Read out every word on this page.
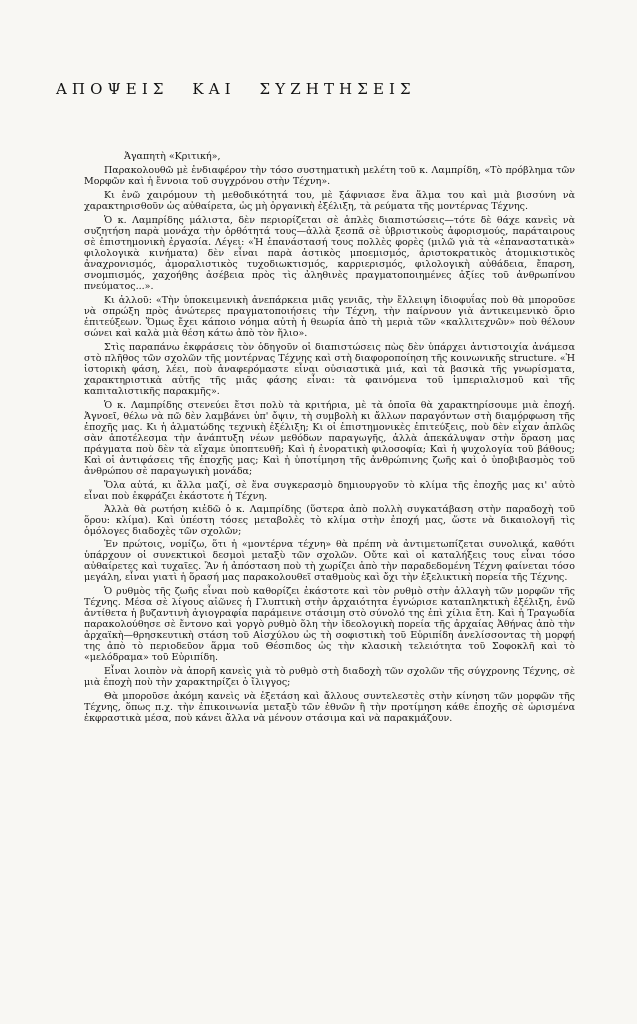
ΑΠΟΨΕΙΣ ΚΑΙ ΣΥΖΗΤΗΣΕΙΣ

Ἀγαπητὴ «Κριτική»,

Παρακολουθῶ μὲ ἐνδιαφέρον τὴν τόσο συστηματικὴ μελέτη τοῦ κ. Λαμπρίδη, «Τὸ πρόβλημα τῶν Μορφῶν καὶ ἡ ἔννοια τοῦ συγχρόνου στὴν Τέχνη».

Κι ἐνῶ χαιρόμουν τὴ μεθοδικότητά του, μὲ ξάφνιασε ἕνα ἅλμα του καὶ μιὰ βισσύνη νὰ χαρακτηρισθοῦν ὡς αὐθαίρετα, ὡς μὴ ὀργανικὴ ἐξέλιξη, τὰ ρεύματα τῆς μοντέρνας Τέχνης.

Ὁ κ. Λαμπρίδης μάλιστα, δὲν περιορίζεται σὲ ἁπλὲς διαπιστώσεις—τότε δὲ θάχε κανεὶς νὰ συζητήση παρὰ μονάχα τὴν ὀρθότητά τους—ἀλλὰ ξεσπᾶ σὲ ὑβριστικοὺς ἀφορισμούς, παράταιρους σὲ ἐπιστημονικὴ ἐργασία. Λέγει: «Ἡ ἐπανάστασή τους πολλὲς φορὲς (μιλῶ γιὰ τὰ «ἐπαναστατικὰ» φιλολογικὰ κινήματα) δὲν εἶναι παρὰ ἀστικὸς μποεμισμός, ἀριστοκρατικὸς ἀτομικιστικὸς ἀναχρονισμός, ἀμοραλιστικὸς τυχοδιωκτισμός, καρριερισμός, φιλολογικὴ αὐθάδεια, ἔπαρση, σνομπισμός, χαχοήθης ἀσέβεια πρὸς τὶς ἀληθινὲς πραγματοποιημένες ἀξίες τοῦ ἀνθρωπίνου πνεύματος...».

Κι ἀλλοῦ: «Τὴν ὑποκειμενικὴ ἀνεπάρκεια μιᾶς γενιᾶς, τὴν ἔλλειψη ἰδιοφυΐας ποὺ θὰ μποροῦσε νὰ σπρώξη πρὸς ἀνώτερες πραγματοποιήσεις τὴν Τέχνη, τὴν παίρνουν γιὰ ἀντικειμενικὸ ὅριο ἐπιτεύξεων. Ὅμως ἔχει κάποιο νόημα αὐτὴ ἡ θεωρία ἀπὸ τὴ μεριὰ τῶν «καλλιτεχνῶν» ποὺ θέλουν σώνει καὶ καλὰ μιὰ θέση κάτω ἀπὸ τὸν ἥλιο».

Στὶς παραπάνω ἐκφράσεις τὸν ὁδηγοῦν οἱ διαπιστώσεις πὼς δὲν ὑπάρχει ἀντιστοιχία ἀνάμεσα στὸ πλῆθος τῶν σχολῶν τῆς μοντέρνας Τέχνης καὶ στὴ διαφοροποίηση τῆς κοινωνικῆς structure. «Ἡ ἱστορικὴ φάση, λέει, ποὺ ἀναφερόμαστε εἶναι οὐσιαστικὰ μιά, καὶ τὰ βασικὰ τῆς γνωρίσματα, χαρακτηριστικὰ αὐτῆς τῆς μιᾶς φάσης εἶναι: τὰ φαινόμενα τοῦ ἰμπεριαλισμοῦ καὶ τῆς καπιταλιστικῆς παρακμῆς».

Ὁ κ. Λαμπρίδης στενεύει ἔτσι πολὺ τὰ κριτήρια, μὲ τὰ ὁποῖα θὰ χαρακτηρίσουμε μιὰ ἐποχή. Ἀγνοεῖ, θέλω νὰ πῶ δὲν λαμβάνει ὑπ' ὄψιν, τὴ συμβολὴ κι ἄλλων παραγόντων στὴ διαμόρφωση τῆς ἐποχῆς μας. Κι ἡ ἁλματώδης τεχνικὴ ἐξέλιξη; Κι οἱ ἐπιστημονικὲς ἐπιτεύξεις, ποὺ δὲν εἶχαν ἁπλῶς σὰν ἀποτέλεσμα τὴν ἀνάπτυξη νέων μεθόδων παραγωγῆς, ἀλλὰ ἀπεκάλυψαν στὴν ὅραση μας πράγματα ποὺ δὲν τὰ εἴχαμε ὑποπτευθῆ; Καὶ ἡ ἐνορατικὴ φιλοσοφία; Καὶ ἡ ψυχολογία τοῦ βάθους; Καὶ οἱ ἀντιφάσεις τῆς ἐποχῆς μας; Καὶ ἡ ὑποτίμηση τῆς ἀνθρώπινης ζωῆς καὶ ὁ ὑποβιβασμὸς τοῦ ἀνθρώπου σὲ παραγωγικὴ μονάδα;

Ὅλα αὐτά, κι ἄλλα μαζί, σὲ ἕνα συγκερασμὸ δημιουργοῦν τὸ κλίμα τῆς ἐποχῆς μας κι' αὐτὸ εἶναι ποὺ ἐκφράζει ἑκάστοτε ἡ Τέχνη.

Ἀλλὰ θὰ ρωτήση κιἑδῶ ὁ κ. Λαμπρίδης (ὕστερα ἀπὸ πολλὴ συγκατάβαση στὴν παραδοχὴ τοῦ ὅρου: κλίμα). Καὶ ὑπέστη τόσες μεταβολὲς τὸ κλίμα στὴν ἐποχή μας, ὥστε νὰ δικαιολογῆ τὶς ὁμόλογες διαδοχὲς τῶν σχολῶν;

Ἐν πρώτοις, νομίζω, ὅτι ἡ «μοντέρνα τέχνη» θὰ πρέπη νὰ ἀντιμετωπίζεται συνολικά, καθότι ὑπάρχουν οἱ συνεκτικοὶ δεσμοὶ μεταξὺ τῶν σχολῶν. Οὔτε καὶ οἱ καταλήξεις τους εἶναι τόσο αὐθαίρετες καὶ τυχαῖες. Ἂν ἡ ἀπόσταση ποὺ τὴ χωρίζει ἀπὸ τὴν παραδεδομένη Τέχνη φαίνεται τόσο μεγάλη, εἶναι γιατὶ ἡ ὅρασή μας παρακολουθεῖ σταθμοὺς καὶ ὄχι τὴν ἐξελικτικὴ πορεία τῆς Τέχνης.

Ὁ ρυθμὸς τῆς ζωῆς εἶναι ποὺ καθορίζει ἑκάστοτε καὶ τὸν ρυθμὸ στὴν ἀλλαγὴ τῶν μορφῶν τῆς Τέχνης. Μέσα σὲ λίγους αἰῶνες ἡ Γλυπτικὴ στὴν ἀρχαιότητα ἐγνώρισε καταπληκτικὴ ἐξέλιξη, ἐνῶ ἀντίθετα ἡ βυζαντινὴ ἁγιογραφία παράμεινε στάσιμη στὸ σύνολό της ἐπὶ χίλια ἔτη. Καὶ ἡ Τραγωδία παρακολούθησε σὲ ἔντονο καὶ γοργὸ ρυθμὸ ὅλη τὴν ἰδεολογικὴ πορεία τῆς ἀρχαίας Ἀθήνας ἀπὸ τὴν ἀρχαϊκὴ—θρησκευτικὴ στάση τοῦ Αἰσχύλου ὡς τὴ σοφιστικὴ τοῦ Εὐριπίδη ἀνελίσσοντας τὴ μορφή της ἀπὸ τὸ περιοδεῦον ἅρμα τοῦ Θέσπιδος ὡς τὴν κλασικὴ τελειότητα τοῦ Σοφοκλῆ καὶ τὸ «μελόδραμα» τοῦ Εὐριπίδη.

Εἶναι λοιπὸν νὰ ἀπορῆ κανεὶς γιὰ τὸ ρυθμὸ στὴ διαδοχὴ τῶν σχολῶν τῆς σύγχρονης Τέχνης, σὲ μιὰ ἐποχὴ ποὺ τὴν χαρακτηρίζει ὁ ἴλιγγος;

Θὰ μποροῦσε ἀκόμη κανεὶς νὰ ἐξετάση καὶ ἄλλους συντελεστὲς στὴν κίνηση τῶν μορφῶν τῆς Τέχνης, ὅπως π.χ. τὴν ἐπικοινωνία μεταξὺ τῶν ἐθνῶν ἢ τὴν προτίμηση κάθε ἐποχῆς σὲ ὡρισμένα ἐκφραστικὰ μέσα, ποὺ κάνει ἄλλα νὰ μένουν στάσιμα καὶ νὰ παρακμάζουν.
